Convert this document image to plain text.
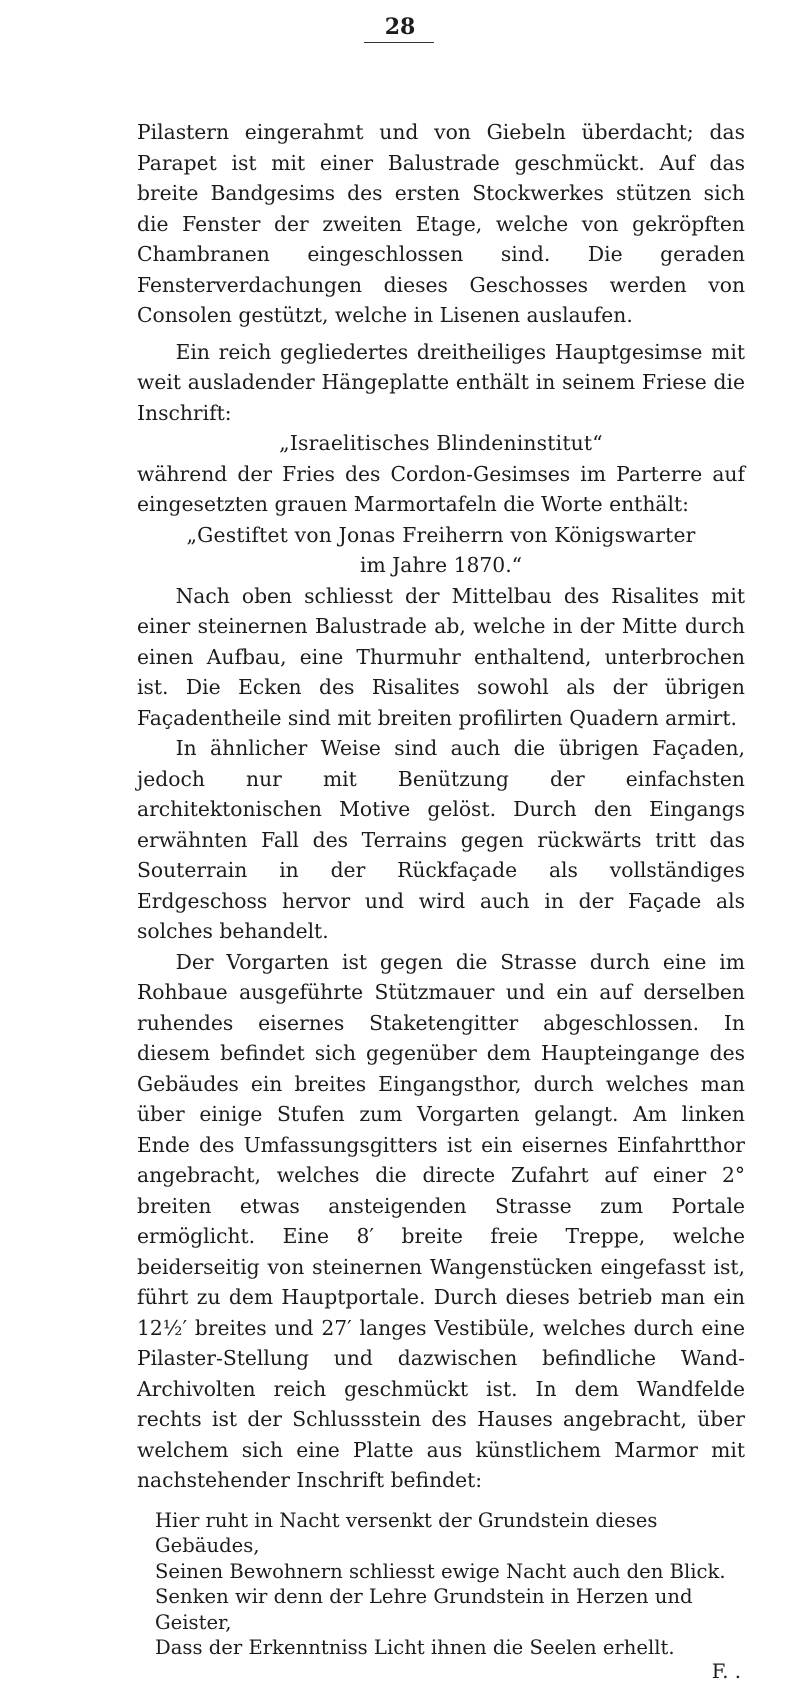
28

Pilastern eingerahmt und von Giebeln überdacht; das Parapet ist mit einer Balustrade geschmückt. Auf das breite Bandgesims des ersten Stockwerkes stützen sich die Fenster der zweiten Etage, welche von gekröpften Chambranen eingeschlossen sind. Die geraden Fensterverdachungen dieses Geschosses werden von Consolen gestützt, welche in Lisenen auslaufen.

Ein reich gegliedertes dreitheiliges Hauptgesimse mit weit ausladender Hängeplatte enthält in seinem Friese die Inschrift:

„Israelitisches Blindeninstitut“

während der Fries des Cordon-Gesimses im Parterre auf eingesetzten grauen Marmortafeln die Worte enthält:

„Gestiftet von Jonas Freiherrn von Königswarter

im Jahre 1870.“

Nach oben schliesst der Mittelbau des Risalites mit einer steinernen Balustrade ab, welche in der Mitte durch einen Aufbau, eine Thurmuhr enthaltend, unterbrochen ist. Die Ecken des Risalites sowohl als der übrigen Façadentheile sind mit breiten profilirten Quadern armirt.

In ähnlicher Weise sind auch die übrigen Façaden, jedoch nur mit Benützung der einfachsten architektonischen Motive gelöst. Durch den Eingangs erwähnten Fall des Terrains gegen rückwärts tritt das Souterrain in der Rückfaçade als vollständiges Erdgeschoss hervor und wird auch in der Façade als solches behandelt.

Der Vorgarten ist gegen die Strasse durch eine im Rohbaue ausgeführte Stützmauer und ein auf derselben ruhendes eisernes Staketengitter abgeschlossen. In diesem befindet sich gegenüber dem Haupteingange des Gebäudes ein breites Eingangsthor, durch welches man über einige Stufen zum Vorgarten gelangt. Am linken Ende des Umfassungsgitters ist ein eisernes Einfahrtthor angebracht, welches die directe Zufahrt auf einer 2° breiten etwas ansteigenden Strasse zum Portale ermöglicht. Eine 8′ breite freie Treppe, welche beiderseitig von steinernen Wangenstücken eingefasst ist, führt zu dem Hauptportale. Durch dieses betrieb man ein 12½′ breites und 27′ langes Vestibüle, welches durch eine Pilaster-Stellung und dazwischen befindliche Wand-Archivolten reich geschmückt ist. In dem Wandfelde rechts ist der Schlussstein des Hauses angebracht, über welchem sich eine Platte aus künstlichem Marmor mit nachstehender Inschrift befindet:

Hier ruht in Nacht versenkt der Grundstein dieses Gebäudes,
Seinen Bewohnern schliesst ewige Nacht auch den Blick.
Senken wir denn der Lehre Grundstein in Herzen und Geister,
Dass der Erkenntniss Licht ihnen die Seelen erhellt.
F. .
